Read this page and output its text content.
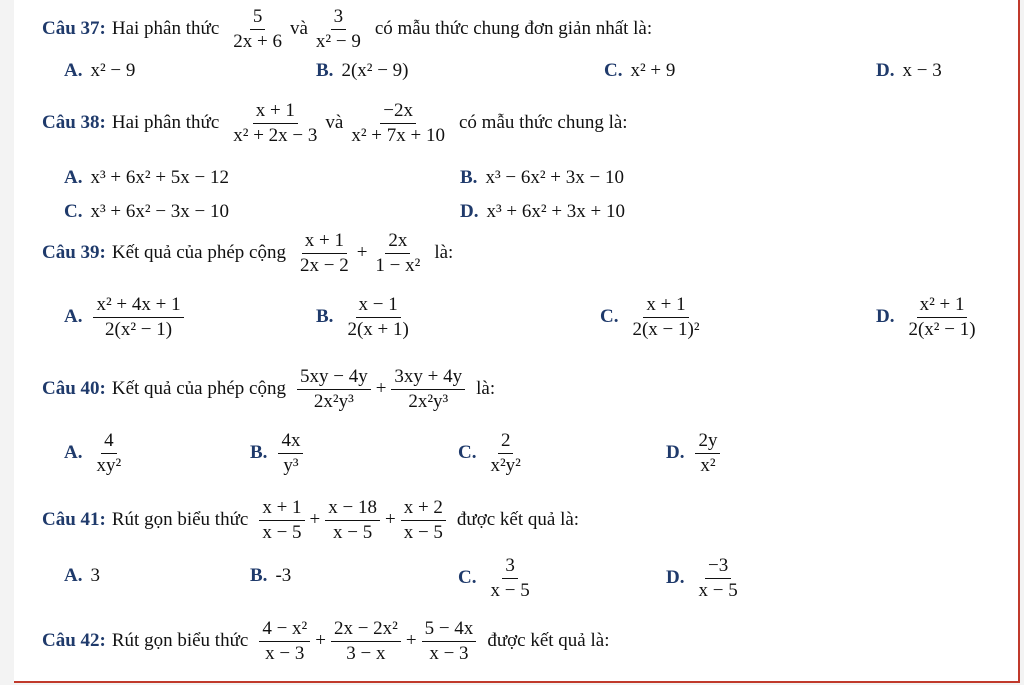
Câu 37: Hai phân thức $\frac{5}{2x + 6}$ và $\frac{3}{\text{x² − 9}}$ có mẫu thức chung đơn giản nhất là:
A. x² − 9	B. 2(x² − 9)	C. x² + 9	D. x − 3
Câu 38: Hai phân thức $\frac{x + 1}{\text{x² + 2x − 3}}$ và $\frac{-2x}{\text{x² + 7x + 10}}$ có mẫu thức chung là:
A. x³ + 6x² + 5x − 12	B. x³ − 6x² + 3x − 10
C. x³ + 6x² − 3x − 10	D. x³ + 6x² + 3x + 10
Câu 39: Kết quả của phép cộng $\frac{x + 1}{2x - 2} + \frac{2x}{\text{1 − x²}}$ là:
A. $\frac{\text{x² + 4x + 1}}{\text{2(x² − 1)}}$	B. $\frac{x - 1}{2(x + 1)}$	C. $\frac{x + 1}{\text{2(x − 1)²}}$	D. $\frac{\text{x² + 1}}{\text{2(x² − 1)}}$
Câu 40: Kết quả của phép cộng $\frac{5xy - 4y}{\text{2x²y³}} + \frac{3xy + 4y}{\text{2x²y³}}$ là:
A. $\frac{4}{\text{xy²}}$	B. $\frac{4x}{\text{y³}}$	C. $\frac{2}{\text{x²y²}}$	D. $\frac{2y}{\text{x²}}$
Câu 41: Rút gọn biểu thức $\frac{x + 1}{x - 5} + \frac{x - 18}{x - 5} + \frac{x + 2}{x - 5}$ được kết quả là:
A. 3	B. -3	C. $\frac{3}{x - 5}$	D. $\frac{-3}{x - 5}$
Câu 42: Rút gọn biểu thức $\frac{\text{4 − x²}}{x - 3} + \frac{\text{2x − 2x²}}{3 - x} + \frac{5 - 4x}{x - 3}$ được kết quả là:
